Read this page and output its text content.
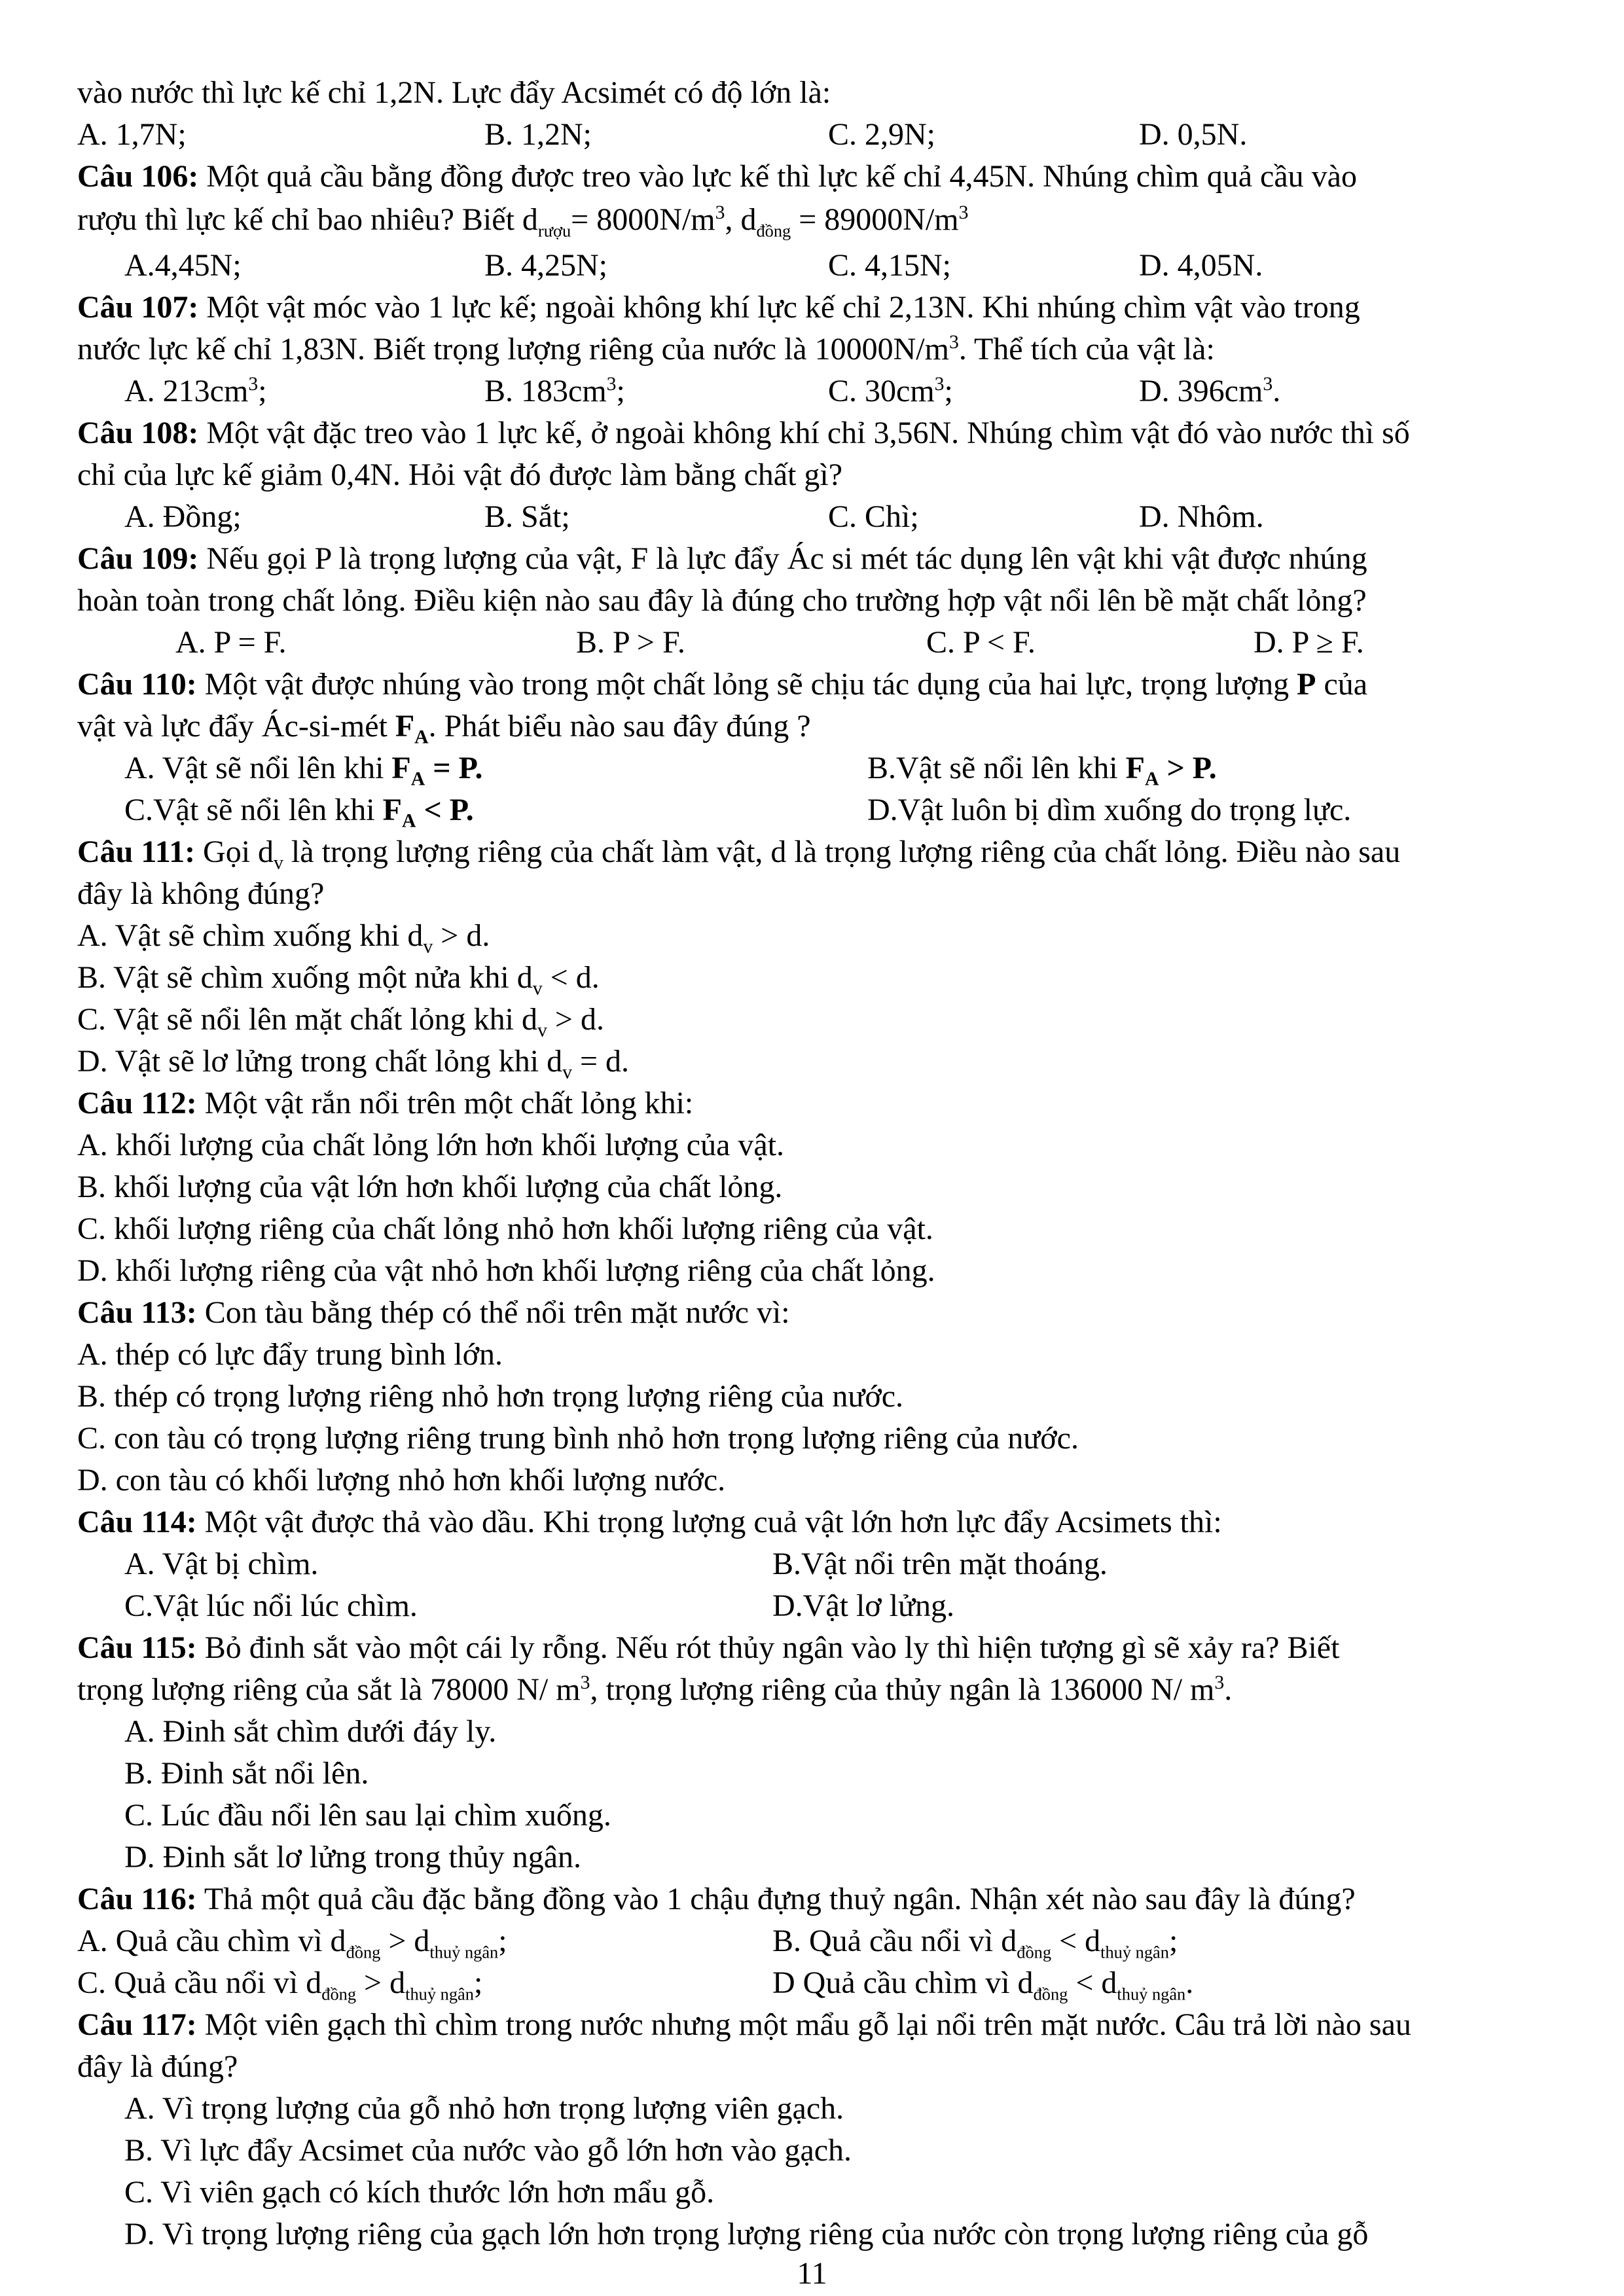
vào nước thì lực kế chỉ 1,2N. Lực đẩy Acsimét có độ lớn là:
A. 1,7N;	B. 1,2N;	C. 2,9N;	D. 0,5N.
Câu 106: Một quả cầu bằng đồng được treo vào lực kế thì lực kế chỉ 4,45N. Nhúng chìm quả cầu vào
rượu thì lực kế chỉ bao nhiêu? Biết $d_{rượu}= 8000N/m^3$, $d_{đồng} = 89000N/m^3$
A.4,45N;	B. 4,25N;	C. 4,15N;	D. 4,05N.
Câu 107: Một vật móc vào 1 lực kế; ngoài không khí lực kế chỉ 2,13N. Khi nhúng chìm vật vào trong
nước lực kế chỉ 1,83N. Biết trọng lượng riêng của nước là $10000N/m^3$. Thể tích của vật là:
A. $213cm^3$;	B. $183cm^3$;	C. $30cm^3$;	D. $396cm^3$.
Câu 108: Một vật đặc treo vào 1 lực kế, ở ngoài không khí chỉ 3,56N. Nhúng chìm vật đó vào nước thì số
chỉ của lực kế giảm 0,4N. Hỏi vật đó được làm bằng chất gì?
A. Đồng;	B. Sắt;	C. Chì;	D. Nhôm.
Câu 109: Nếu gọi P là trọng lượng của vật, F là lực đẩy Ác si mét tác dụng lên vật khi vật được nhúng
hoàn toàn trong chất lỏng. Điều kiện nào sau đây là đúng cho trường hợp vật nổi lên bề mặt chất lỏng?
A. P = F.	B. P > F.	C. P < F.	D. P ≥ F.
Câu 110: Một vật được nhúng vào trong một chất lỏng sẽ chịu tác dụng của hai lực, trọng lượng P của
vật và lực đẩy Ác-si-mét $F_A$. Phát biểu nào sau đây đúng ?
A. Vật sẽ nổi lên khi $F_A = P$.	B.Vật sẽ nổi lên khi $F_A > P$.
C.Vật sẽ nổi lên khi $F_A < P$.	D.Vật luôn bị dìm xuống do trọng lực.
Câu 111: Gọi $d_v$ là trọng lượng riêng của chất làm vật, d là trọng lượng riêng của chất lỏng. Điều nào sau
đây là không đúng?
A. Vật sẽ chìm xuống khi $d_v > d$.
B. Vật sẽ chìm xuống một nửa khi $d_v < d$.
C. Vật sẽ nổi lên mặt chất lỏng khi $d_v > d$.
D. Vật sẽ lơ lửng trong chất lỏng khi $d_v = d$.
Câu 112: Một vật rắn nổi trên một chất lỏng khi:
A. khối lượng của chất lỏng lớn hơn khối lượng của vật.
B. khối lượng của vật lớn hơn khối lượng của chất lỏng.
C. khối lượng riêng của chất lỏng nhỏ hơn khối lượng riêng của vật.
D. khối lượng riêng của vật nhỏ hơn khối lượng riêng của chất lỏng.
Câu 113: Con tàu bằng thép có thể nổi trên mặt nước vì:
A. thép có lực đẩy trung bình lớn.
B. thép có trọng lượng riêng nhỏ hơn trọng lượng riêng của nước.
C. con tàu có trọng lượng riêng trung bình nhỏ hơn trọng lượng riêng của nước.
D. con tàu có khối lượng nhỏ hơn khối lượng nước.
Câu 114: Một vật được thả vào dầu. Khi trọng lượng cuả vật lớn hơn lực đẩy Acsimets thì:
A. Vật bị chìm.	B.Vật nổi trên mặt thoáng.
C.Vật lúc nổi lúc chìm.	D.Vật lơ lửng.
Câu 115: Bỏ đinh sắt vào một cái ly rỗng. Nếu rót thủy ngân vào ly thì hiện tượng gì sẽ xảy ra? Biết
trọng lượng riêng của sắt là 78000 N/ $m^3$, trọng lượng riêng của thủy ngân là 136000 N/ $m^3$.
A. Đinh sắt chìm dưới đáy ly.
B. Đinh sắt nổi lên.
C. Lúc đầu nổi lên sau lại chìm xuống.
D. Đinh sắt lơ lửng trong thủy ngân.
Câu 116: Thả một quả cầu đặc bằng đồng vào 1 chậu đựng thuỷ ngân. Nhận xét nào sau đây là đúng?
A. Quả cầu chìm vì $d_{đồng} > d_{thuỷ ngân}$;	B. Quả cầu nổi vì $d_{đồng} < d_{thuỷ ngân}$;
C. Quả cầu nổi vì $d_{đồng} > d_{thuỷ ngân}$;	D Quả cầu chìm vì $d_{đồng} < d_{thuỷ ngân}$.
Câu 117: Một viên gạch thì chìm trong nước nhưng một mẩu gỗ lại nổi trên mặt nước. Câu trả lời nào sau
đây là đúng?
A. Vì trọng lượng của gỗ nhỏ hơn trọng lượng viên gạch.
B. Vì lực đẩy Acsimet của nước vào gỗ lớn hơn vào gạch.
C. Vì viên gạch có kích thước lớn hơn mẩu gỗ.
D. Vì trọng lượng riêng của gạch lớn hơn trọng lượng riêng của nước còn trọng lượng riêng của gỗ
11
